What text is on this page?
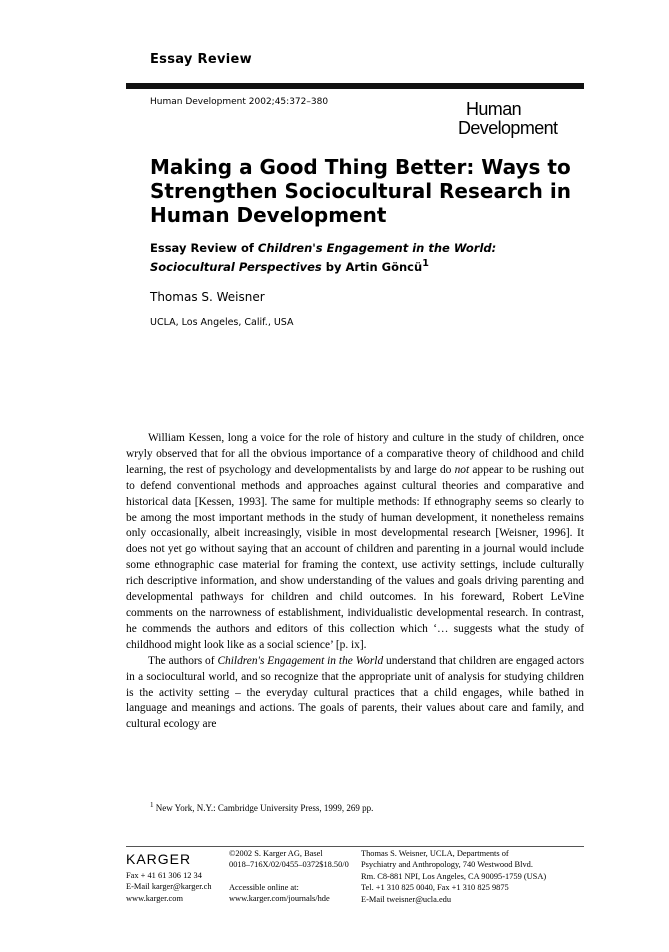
Essay Review
Human Development 2002;45:372–380	Human
Development
Making a Good Thing Better: Ways to Strengthen Sociocultural Research in Human Development
Essay Review of Children's Engagement in the World: Sociocultural Perspectives by Artin Göncü$^1$
Thomas S. Weisner
UCLA, Los Angeles, Calif., USA

William Kessen, long a voice for the role of history and culture in the study of children, once wryly observed that for all the obvious importance of a comparative theory of childhood and child learning, the rest of psychology and developmentalists by and large do not appear to be rushing out to defend conventional methods and approaches against cultural theories and comparative and historical data [Kessen, 1993]. The same for multiple methods: If ethnography seems so clearly to be among the most important methods in the study of human development, it nonetheless remains only occasionally, albeit increasingly, visible in most developmental research [Weisner, 1996]. It does not yet go without saying that an account of children and parenting in a journal would include some ethnographic case material for framing the context, use activity settings, include culturally rich descriptive information, and show understanding of the values and goals driving parenting and developmental pathways for children and child outcomes. In his foreward, Robert LeVine comments on the narrowness of establishment, individualistic developmental research. In contrast, he commends the authors and editors of this collection which ‘… suggests what the study of childhood might look like as a social science’ [p. ix].

The authors of Children's Engagement in the World understand that children are engaged actors in a sociocultural world, and so recognize that the appropriate unit of analysis for studying children is the activity setting – the everyday cultural practices that a child engages, while bathed in language and meanings and actions. The goals of parents, their values about care and family, and cultural ecology are

$^1$ New York, N.Y.: Cambridge University Press, 1999, 269 pp.
KARGER
Fax + 41 61 306 12 34
E-Mail karger@karger.ch
www.karger.com
©2002 S. Karger AG, Basel
0018–716X/02/0455–0372$18.50/0
Accessible online at:
www.karger.com/journals/hde
Thomas S. Weisner, UCLA, Departments of
Psychiatry and Anthropology, 740 Westwood Blvd.
Rm. C8-881 NPI, Los Angeles, CA 90095-1759 (USA)
Tel. +1 310 825 0040, Fax +1 310 825 9875
E-Mail tweisner@ucla.edu
